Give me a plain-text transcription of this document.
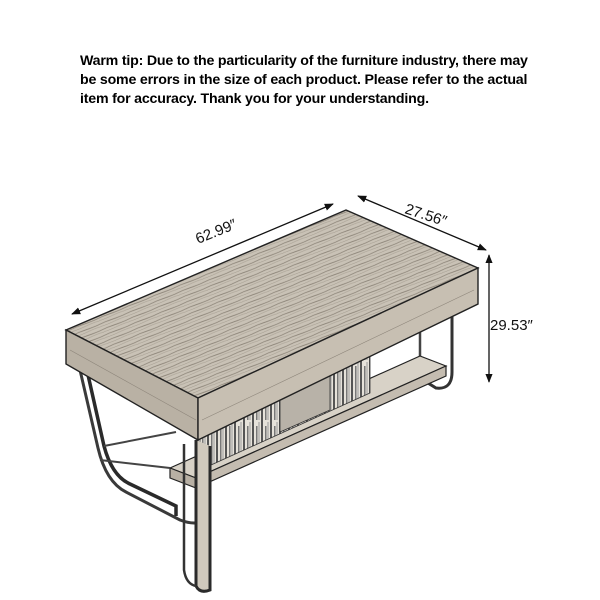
Warm tip: Due to the particularity of the furniture industry, there may
be some errors in the size of each product. Please refer to the actual
item for accuracy. Thank you for your understanding.
62.99″
27.56″
29.53″
